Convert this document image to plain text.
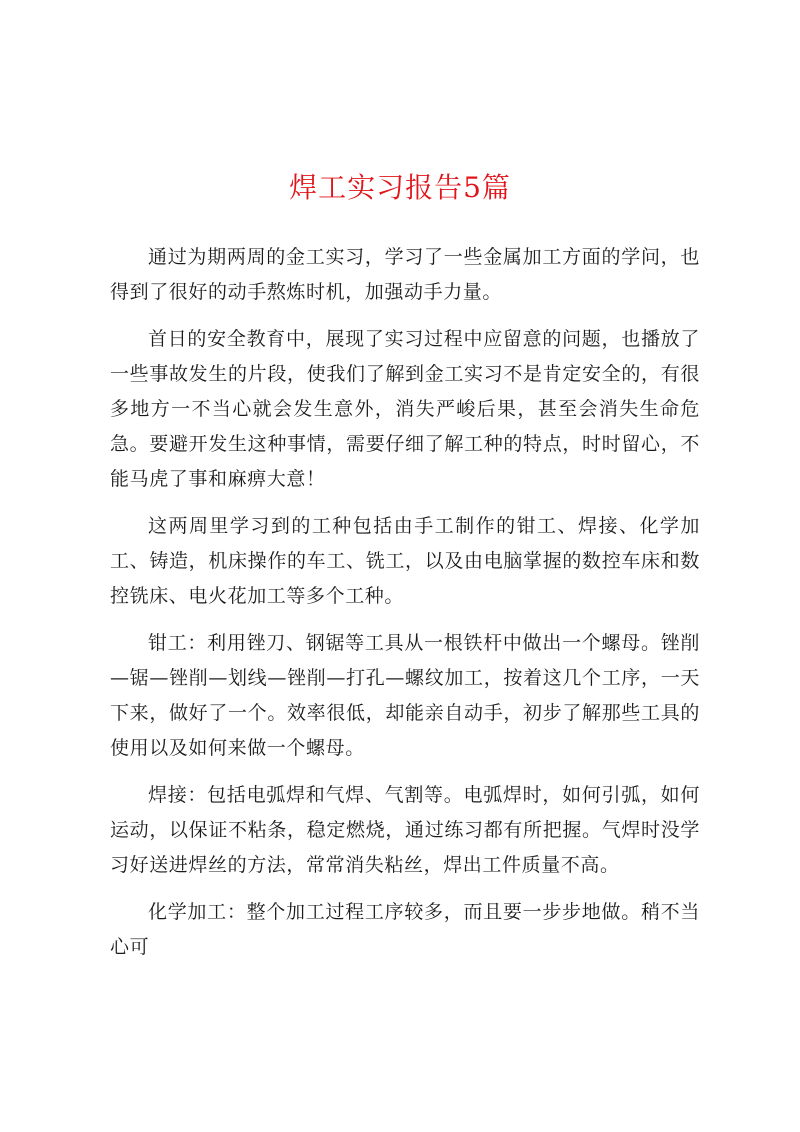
焊工实习报告5篇

通过为期两周的金工实习，学习了一些金属加工方面的学问，也得到了很好的动手熬炼时机，加强动手力量。

首日的安全教育中，展现了实习过程中应留意的问题，也播放了一些事故发生的片段，使我们了解到金工实习不是肯定安全的，有很多地方一不当心就会发生意外，消失严峻后果，甚至会消失生命危急。要避开发生这种事情，需要仔细了解工种的特点，时时留心，不能马虎了事和麻痹大意！

这两周里学习到的工种包括由手工制作的钳工、焊接、化学加工、铸造，机床操作的车工、铣工，以及由电脑掌握的数控车床和数控铣床、电火花加工等多个工种。

钳工：利用锉刀、钢锯等工具从一根铁杆中做出一个螺母。锉削—锯—锉削—划线—锉削—打孔—螺纹加工，按着这几个工序，一天下来，做好了一个。效率很低，却能亲自动手，初步了解那些工具的使用以及如何来做一个螺母。

焊接：包括电弧焊和气焊、气割等。电弧焊时，如何引弧，如何运动，以保证不粘条，稳定燃烧，通过练习都有所把握。气焊时没学习好送进焊丝的方法，常常消失粘丝，焊出工件质量不高。

化学加工：整个加工过程工序较多，而且要一步步地做。稍不当心可
